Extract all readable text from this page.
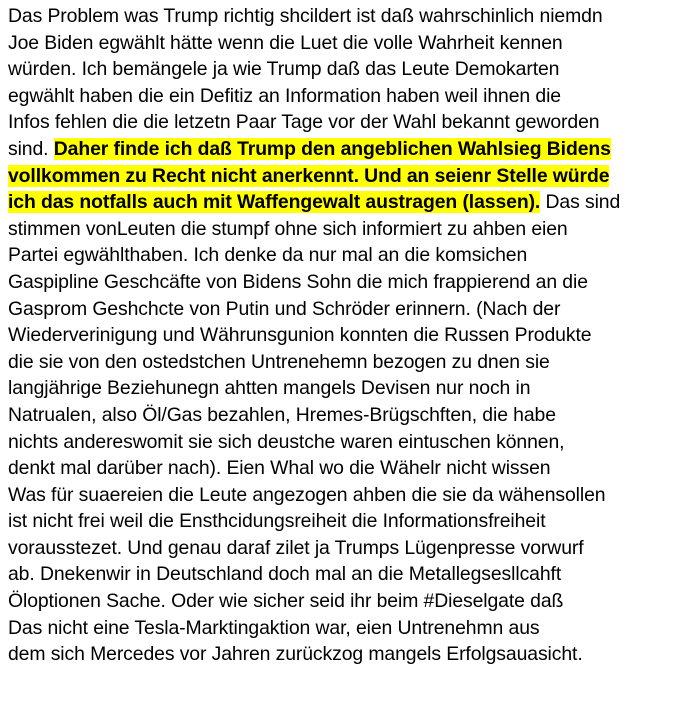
Das Problem was Trump richtig shcildert ist daß wahrschinlich niemdn
Joe Biden egwählt hätte wenn die Luet die volle Wahrheit kennen
würden. Ich bemängele ja wie Trump daß das Leute Demokarten
egwählt haben die ein Defitiz an Information haben weil ihnen die
Infos fehlen die die letzetn Paar Tage vor der Wahl bekannt geworden
sind. Daher finde ich daß Trump den angeblichen Wahlsieg Bidens
vollkommen zu Recht nicht anerkennt. Und an seienr Stelle würde
ich das notfalls auch mit Waffengewalt austragen (lassen). Das sind
stimmen vonLeuten die stumpf ohne sich informiert zu ahben eien
Partei egwählthaben. Ich denke da nur mal an die komsichen
Gaspipline Geschcäfte von Bidens Sohn die mich frappierend an die
Gasprom Geshchcte von Putin und Schröder erinnern. (Nach der
Wiederverinigung und Währunsgunion konnten die Russen Produkte
die sie von den ostedstchen Untrenehemn bezogen zu dnen sie
langjährige Beziehunegn ahtten mangels Devisen nur noch in
Natrualen, also Öl/Gas bezahlen, Hremes-Brügschften, die habe
nichts andereswomit sie sich deustche waren eintuschen können,
denkt mal darüber nach). Eien Whal wo die Wähelr nicht wissen
Was für suaereien die Leute angezogen ahben die sie da wähensollen
ist nicht frei weil die Ensthcidungsreiheit die Informationsfreiheit
vorausstezet. Und genau daraf zilet ja Trumps Lügenpresse vorwurf
ab. Dnekenwir in Deutschland doch mal an die Metallegsesllcahft
Öloptionen Sache. Oder wie sicher seid ihr beim #Dieselgate daß
Das nicht eine Tesla-Marktingaktion war, eien Untrenehmn aus
dem sich Mercedes vor Jahren zurückzog mangels Erfolgsauasicht.
